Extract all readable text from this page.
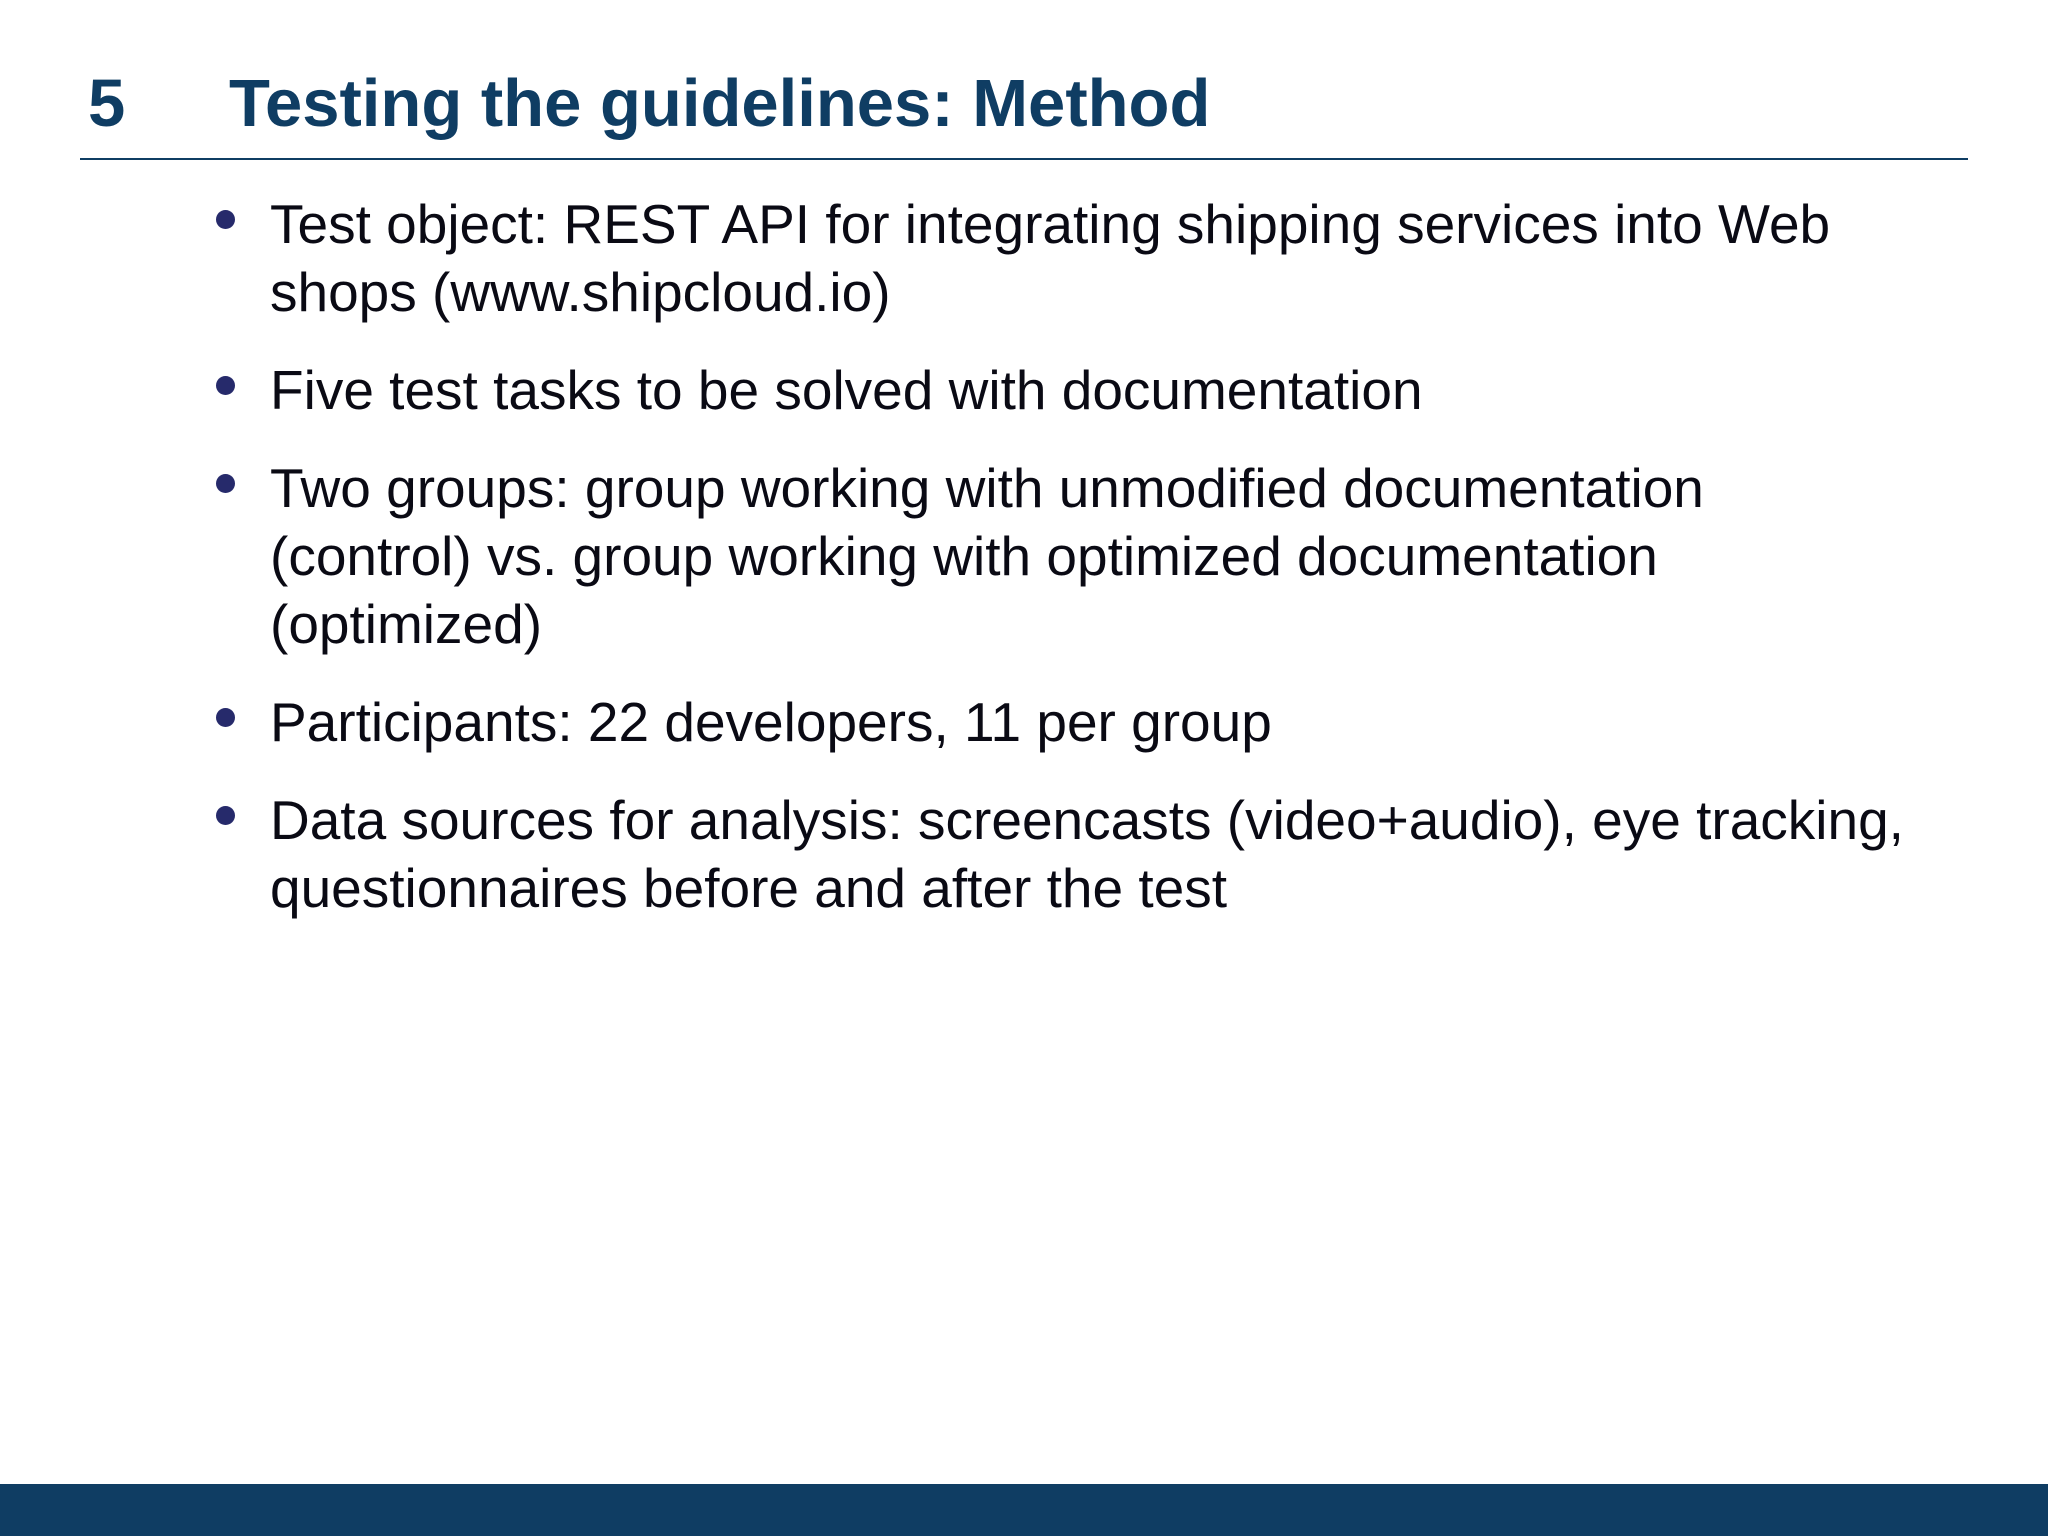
5 Testing the guidelines: Method
Test object: REST API for integrating shipping services into Web shops (www.shipcloud.io)
Five test tasks to be solved with documentation
Two groups: group working with unmodified documentation (control) vs. group working with optimized documentation (optimized)
Participants: 22 developers, 11 per group
Data sources for analysis: screencasts (video+audio), eye tracking, questionnaires before and after the test
